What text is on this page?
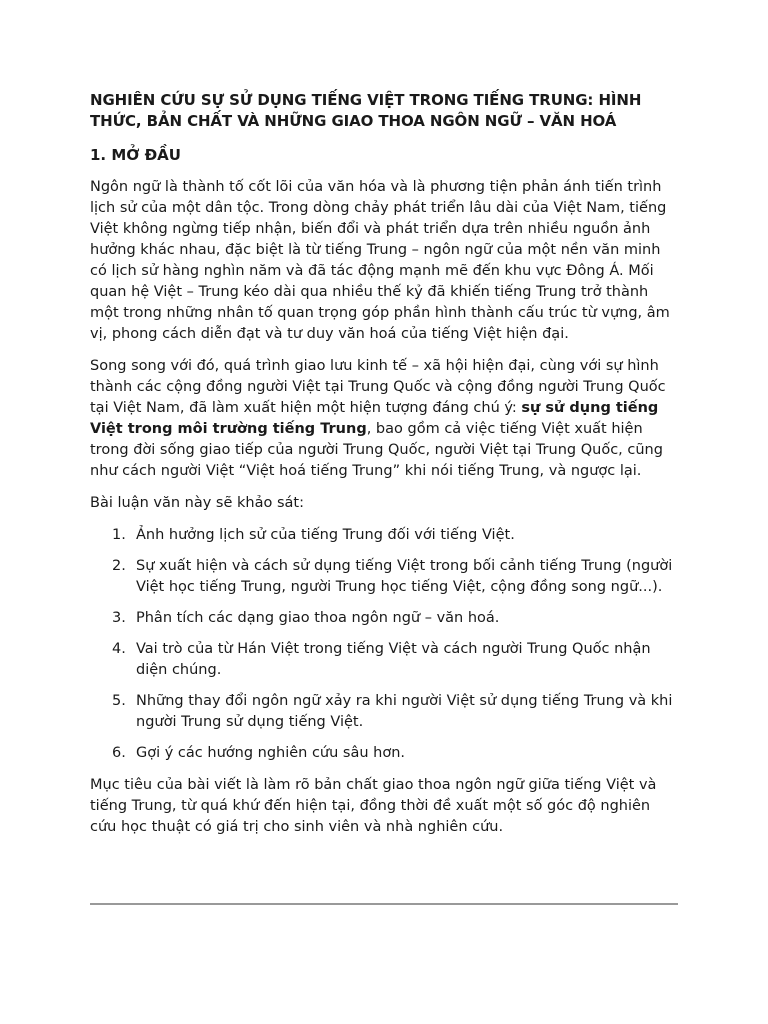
NGHIÊN CỨU SỰ SỬ DỤNG TIẾNG VIỆT TRONG TIẾNG TRUNG: HÌNH THỨC, BẢN CHẤT VÀ NHỮNG GIAO THOA NGÔN NGỮ – VĂN HOÁ
1. MỞ ĐẦU

Ngôn ngữ là thành tố cốt lõi của văn hóa và là phương tiện phản ánh tiến trình lịch sử của một dân tộc. Trong dòng chảy phát triển lâu dài của Việt Nam, tiếng Việt không ngừng tiếp nhận, biến đổi và phát triển dựa trên nhiều nguồn ảnh hưởng khác nhau, đặc biệt là từ tiếng Trung – ngôn ngữ của một nền văn minh có lịch sử hàng nghìn năm và đã tác động mạnh mẽ đến khu vực Đông Á. Mối quan hệ Việt – Trung kéo dài qua nhiều thế kỷ đã khiến tiếng Trung trở thành một trong những nhân tố quan trọng góp phần hình thành cấu trúc từ vựng, âm vị, phong cách diễn đạt và tư duy văn hoá của tiếng Việt hiện đại.

Song song với đó, quá trình giao lưu kinh tế – xã hội hiện đại, cùng với sự hình thành các cộng đồng người Việt tại Trung Quốc và cộng đồng người Trung Quốc tại Việt Nam, đã làm xuất hiện một hiện tượng đáng chú ý: sự sử dụng tiếng Việt trong môi trường tiếng Trung, bao gồm cả việc tiếng Việt xuất hiện trong đời sống giao tiếp của người Trung Quốc, người Việt tại Trung Quốc, cũng như cách người Việt “Việt hoá tiếng Trung” khi nói tiếng Trung, và ngược lại.

Bài luận văn này sẽ khảo sát:

1. Ảnh hưởng lịch sử của tiếng Trung đối với tiếng Việt.
2. Sự xuất hiện và cách sử dụng tiếng Việt trong bối cảnh tiếng Trung (người Việt học tiếng Trung, người Trung học tiếng Việt, cộng đồng song ngữ...).
3. Phân tích các dạng giao thoa ngôn ngữ – văn hoá.
4. Vai trò của từ Hán Việt trong tiếng Việt và cách người Trung Quốc nhận diện chúng.
5. Những thay đổi ngôn ngữ xảy ra khi người Việt sử dụng tiếng Trung và khi người Trung sử dụng tiếng Việt.
6. Gợi ý các hướng nghiên cứu sâu hơn.

Mục tiêu của bài viết là làm rõ bản chất giao thoa ngôn ngữ giữa tiếng Việt và tiếng Trung, từ quá khứ đến hiện tại, đồng thời đề xuất một số góc độ nghiên cứu học thuật có giá trị cho sinh viên và nhà nghiên cứu.
